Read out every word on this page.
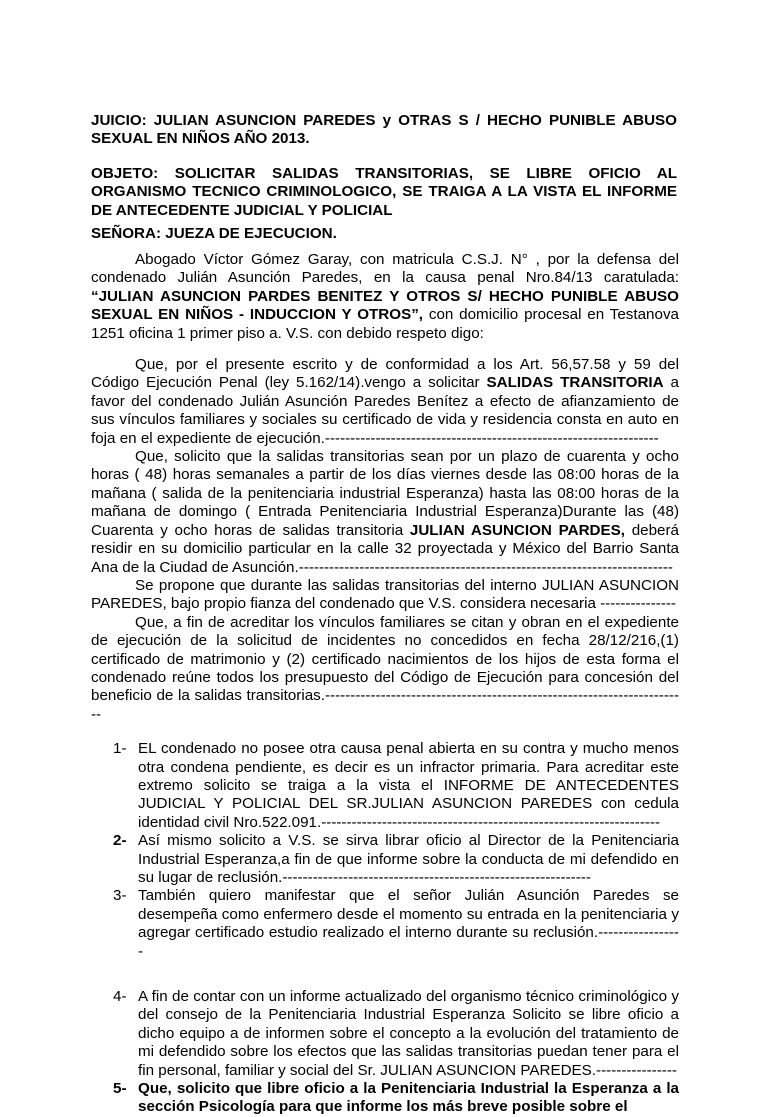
JUICIO: JULIAN ASUNCION PAREDES y OTRAS S / HECHO PUNIBLE ABUSO SEXUAL EN NIÑOS AÑO 2013.
OBJETO: SOLICITAR SALIDAS TRANSITORIAS, SE LIBRE OFICIO AL ORGANISMO TECNICO CRIMINOLOGICO, SE TRAIGA A LA VISTA EL INFORME DE ANTECEDENTE JUDICIAL Y POLICIAL
SEÑORA: JUEZA DE EJECUCION.

Abogado Víctor Gómez Garay, con matricula C.S.J. N° , por la defensa del condenado Julián Asunción Paredes, en la causa penal Nro.84/13 caratulada: “JULIAN ASUNCION PARDES BENITEZ Y OTROS S/ HECHO PUNIBLE ABUSO SEXUAL EN NIÑOS - INDUCCION Y OTROS”, con domicilio procesal en Testanova 1251 oficina 1 primer piso a. V.S. con debido respeto digo:

Que, por el presente escrito y de conformidad a los Art. 56,57.58 y 59 del Código Ejecución Penal (ley 5.162/14).vengo a solicitar SALIDAS TRANSITORIA a favor del condenado Julián Asunción Paredes Benítez a efecto de afianzamiento de sus vínculos familiares y sociales su certificado de vida y residencia consta en auto en foja en el expediente de ejecución.------------------------------------------------------------------

Que, solicito que la salidas transitorias sean por un plazo de cuarenta y ocho horas ( 48) horas semanales a partir de los días viernes desde las 08:00 horas de la mañana ( salida de la penitenciaria industrial Esperanza) hasta las 08:00 horas de la mañana de domingo ( Entrada Penitenciaria Industrial Esperanza)Durante las (48) Cuarenta y ocho horas de salidas transitoria JULIAN ASUNCION PARDES, deberá residir en su domicilio particular en la calle 32 proyectada y México del Barrio Santa Ana de la Ciudad de Asunción.--------------------------------------------------------------------------

Se propone que durante las salidas transitorias del interno JULIAN ASUNCION PAREDES, bajo propio fianza del condenado que V.S. considera necesaria ---------------

Que, a fin de acreditar los vínculos familiares se citan y obran en el expediente de ejecución de la solicitud de incidentes no concedidos en fecha 28/12/216,(1) certificado de matrimonio y (2) certificado nacimientos de los hijos de esta forma el condenado reúne todos los presupuesto del Código de Ejecución para concesión del beneficio de la salidas transitorias.------------------------------------------------------------------------

1- EL condenado no posee otra causa penal abierta en su contra y mucho menos otra condena pendiente, es decir es un infractor primaria. Para acreditar este extremo solicito se traiga a la vista el INFORME DE ANTECEDENTES JUDICIAL Y POLICIAL DEL SR.JULIAN ASUNCION PAREDES con cedula identidad civil Nro.522.091.-------------------------------------------------------------------
2- Así mismo solicito a V.S. se sirva librar oficio al Director de la Penitenciaria Industrial Esperanza,a fin de que informe sobre la conducta de mi defendido en su lugar de reclusión.-------------------------------------------------------------
3- También quiero manifestar que el señor Julián Asunción Paredes se desempeña como enfermero desde el momento su entrada en la penitenciaria y agregar certificado estudio realizado el interno durante su reclusión.-----------------
4- A fin de contar con un informe actualizado del organismo técnico criminológico y del consejo de la Penitenciaria Industrial Esperanza Solicito se libre oficio a dicho equipo a de informen sobre el concepto a la evolución del tratamiento de mi defendido sobre los efectos que las salidas transitorias puedan tener para el fin personal, familiar y social del Sr. JULIAN ASUNCION PAREDES.----------------
5- Que, solicito que libre oficio a la Penitenciaria Industrial la Esperanza a la sección Psicología para que informe los más breve posible sobre el
